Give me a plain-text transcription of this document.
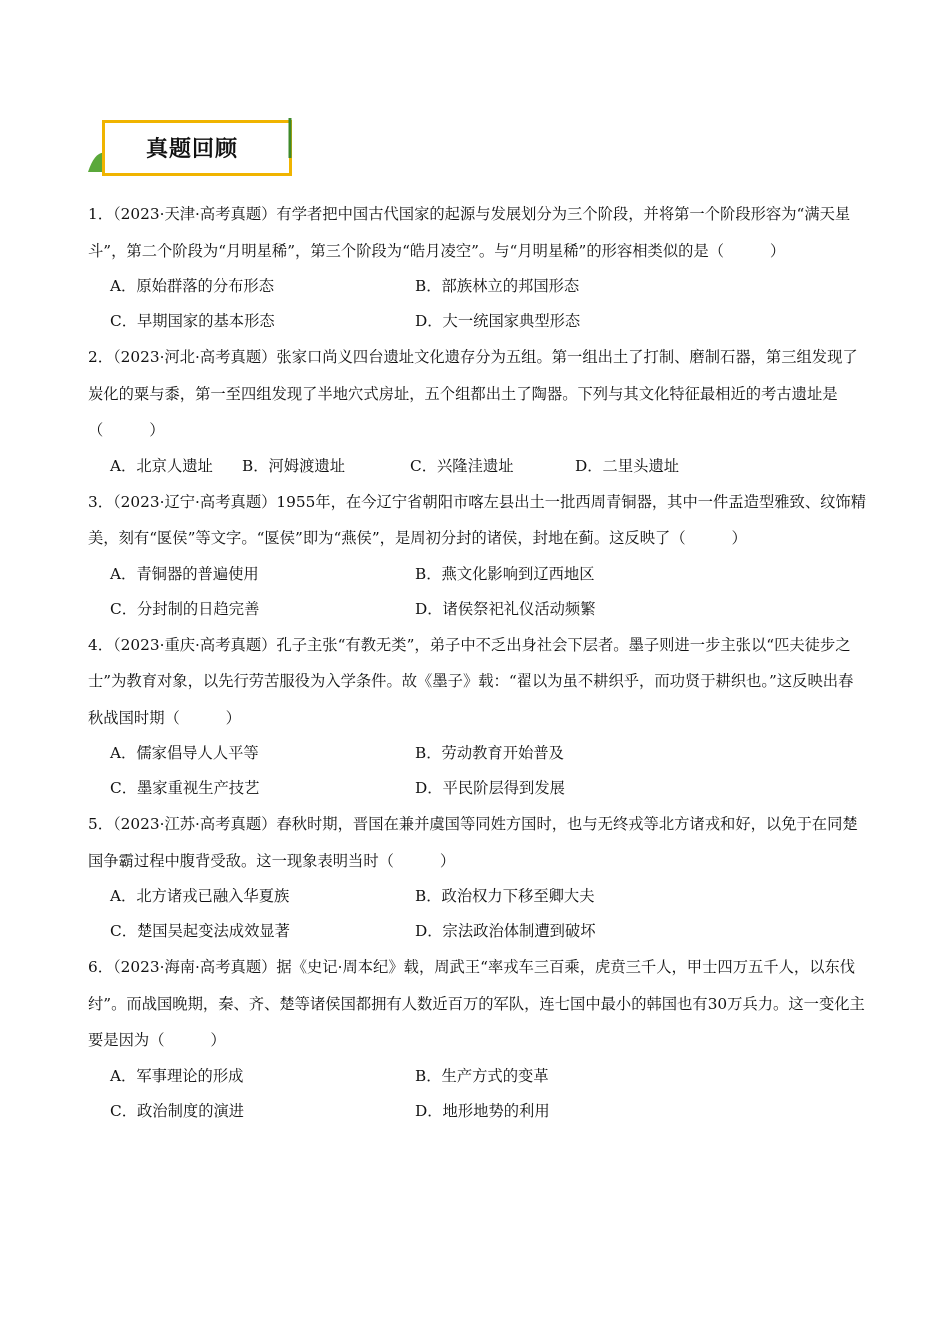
真题回顾

1．（2023·天津·高考真题）有学者把中国古代国家的起源与发展划分为三个阶段，并将第一个阶段形容为“满天星斗”，第二个阶段为“月明星稀”，第三个阶段为“皓月凌空”。与“月明星稀”的形容相类似的是（　　　）

A．原始群落的分布形态	B．部族林立的邦国形态
C．早期国家的基本形态	D．大一统国家典型形态

2．（2023·河北·高考真题）张家口尚义四台遗址文化遗存分为五组。第一组出土了打制、磨制石器，第三组发现了炭化的粟与黍，第一至四组发现了半地穴式房址，五个组都出土了陶器。下列与其文化特征最相近的考古遗址是（　　　）

A．北京人遗址	B．河姆渡遗址	C．兴隆洼遗址	D．二里头遗址

3．（2023·辽宁·高考真题）1955年，在今辽宁省朝阳市喀左县出土一批西周青铜器，其中一件盂造型雅致、纹饰精美，刻有“匽侯”等文字。“匽侯”即为“燕侯”，是周初分封的诸侯，封地在蓟。这反映了（　　　）

A．青铜器的普遍使用	B．燕文化影响到辽西地区
C．分封制的日趋完善	D．诸侯祭祀礼仪活动频繁

4．（2023·重庆·高考真题）孔子主张“有教无类”，弟子中不乏出身社会下层者。墨子则进一步主张以“匹夫徒步之士”为教育对象，以先行劳苦服役为入学条件。故《墨子》载：“翟以为虽不耕织乎，而功贤于耕织也。”这反映出春秋战国时期（　　　）

A．儒家倡导人人平等	B．劳动教育开始普及
C．墨家重视生产技艺	D．平民阶层得到发展

5．（2023·江苏·高考真题）春秋时期，晋国在兼并虞国等同姓方国时，也与无终戎等北方诸戎和好，以免于在同楚国争霸过程中腹背受敌。这一现象表明当时（　　　）

A．北方诸戎已融入华夏族	B．政治权力下移至卿大夫
C．楚国吴起变法成效显著	D．宗法政治体制遭到破坏

6．（2023·海南·高考真题）据《史记·周本纪》载，周武王“率戎车三百乘，虎贲三千人，甲士四万五千人，以东伐纣”。而战国晚期，秦、齐、楚等诸侯国都拥有人数近百万的军队，连七国中最小的韩国也有30万兵力。这一变化主要是因为（　　　）

A．军事理论的形成	B．生产方式的变革
C．政治制度的演进	D．地形地势的利用
